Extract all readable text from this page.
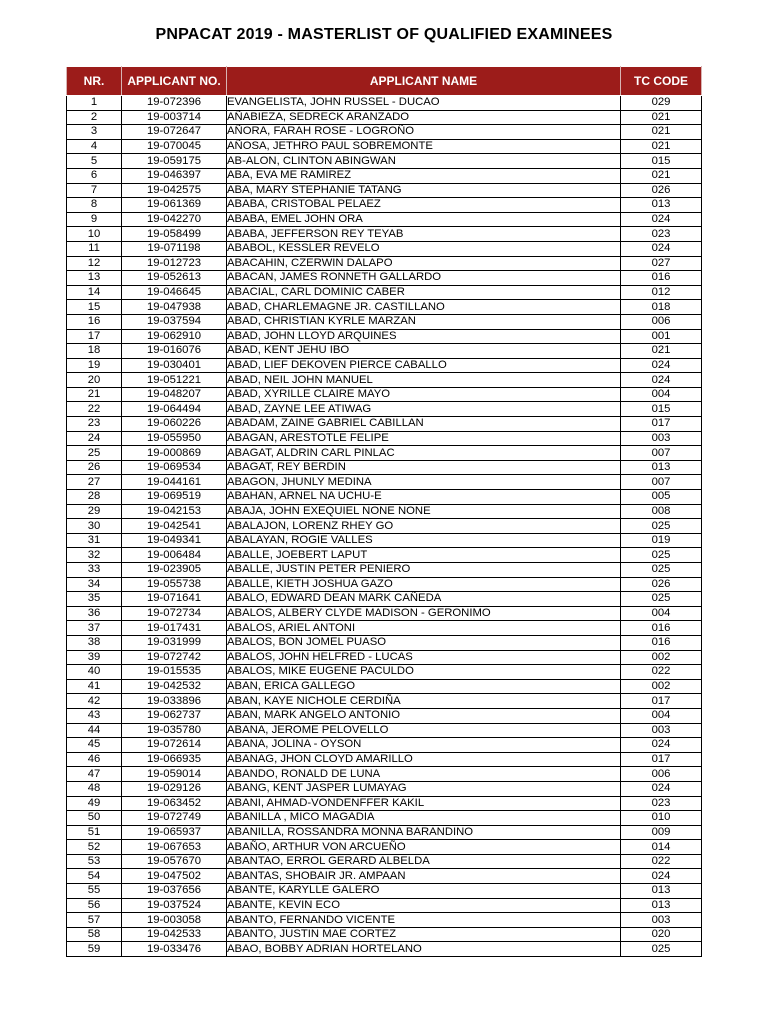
PNPACAT 2019 - MASTERLIST OF QUALIFIED EXAMINEES
NR.	APPLICANT NO.	APPLICANT NAME	TC CODE
1	19-072396	EVANGELISTA, JOHN RUSSEL - DUCAO	029
2	19-003714	AÑABIEZA, SEDRECK ARANZADO	021
3	19-072647	AÑORA, FARAH ROSE - LOGROÑO	021
4	19-070045	AÑOSA, JETHRO PAUL SOBREMONTE	021
5	19-059175	AB-ALON, CLINTON ABINGWAN	015
6	19-046397	ABA, EVA ME RAMIREZ	021
7	19-042575	ABA, MARY STEPHANIE TATANG	026
8	19-061369	ABABA, CRISTOBAL PELAEZ	013
9	19-042270	ABABA, EMEL JOHN ORA	024
10	19-058499	ABABA, JEFFERSON REY TEYAB	023
11	19-071198	ABABOL, KESSLER REVELO	024
12	19-012723	ABACAHIN, CZERWIN DALAPO	027
13	19-052613	ABACAN, JAMES RONNETH GALLARDO	016
14	19-046645	ABACIAL, CARL DOMINIC CABER	012
15	19-047938	ABAD, CHARLEMAGNE JR. CASTILLANO	018
16	19-037594	ABAD, CHRISTIAN KYRLE MARZAN	006
17	19-062910	ABAD, JOHN LLOYD ARQUINES	001
18	19-016076	ABAD, KENT JEHU IBO	021
19	19-030401	ABAD, LIEF DEKOVEN PIERCE CABALLO	024
20	19-051221	ABAD, NEIL JOHN MANUEL	024
21	19-048207	ABAD, XYRILLE CLAIRE MAYO	004
22	19-064494	ABAD, ZAYNE LEE ATIWAG	015
23	19-060226	ABADAM, ZAINE GABRIEL CABILLAN	017
24	19-055950	ABAGAN, ARESTOTLE FELIPE	003
25	19-000869	ABAGAT, ALDRIN CARL PINLAC	007
26	19-069534	ABAGAT, REY BERDIN	013
27	19-044161	ABAGON, JHUNLY MEDINA	007
28	19-069519	ABAHAN, ARNEL NA UCHU-E	005
29	19-042153	ABAJA, JOHN EXEQUIEL NONE NONE	008
30	19-042541	ABALAJON, LORENZ RHEY GO	025
31	19-049341	ABALAYAN, ROGIE VALLES	019
32	19-006484	ABALLE, JOEBERT LAPUT	025
33	19-023905	ABALLE, JUSTIN PETER PENIERO	025
34	19-055738	ABALLE, KIETH JOSHUA GAZO	026
35	19-071641	ABALO, EDWARD DEAN MARK CAÑEDA	025
36	19-072734	ABALOS, ALBERY CLYDE MADISON - GERONIMO	004
37	19-017431	ABALOS, ARIEL ANTONI	016
38	19-031999	ABALOS, BON JOMEL PUASO	016
39	19-072742	ABALOS, JOHN HELFRED - LUCAS	002
40	19-015535	ABALOS, MIKE EUGENE PACULDO	022
41	19-042532	ABAN, ERICA GALLEGO	002
42	19-033896	ABAN, KAYE NICHOLE CERDIÑA	017
43	19-062737	ABAN, MARK ANGELO ANTONIO	004
44	19-035780	ABANA, JEROME PELOVELLO	003
45	19-072614	ABANA, JOLINA - OYSON	024
46	19-066935	ABANAG, JHON CLOYD AMARILLO	017
47	19-059014	ABANDO, RONALD DE LUNA	006
48	19-029126	ABANG, KENT JASPER LUMAYAG	024
49	19-063452	ABANI, AHMAD-VONDENFFER KAKIL	023
50	19-072749	ABANILLA , MICO MAGADIA	010
51	19-065937	ABANILLA, ROSSANDRA MONNA BARANDINO	009
52	19-067653	ABAÑO, ARTHUR VON ARCUEÑO	014
53	19-057670	ABANTAO, ERROL GERARD ALBELDA	022
54	19-047502	ABANTAS, SHOBAIR JR. AMPAAN	024
55	19-037656	ABANTE, KARYLLE GALERO	013
56	19-037524	ABANTE, KEVIN ECO	013
57	19-003058	ABANTO, FERNANDO VICENTE	003
58	19-042533	ABANTO, JUSTIN MAE CORTEZ	020
59	19-033476	ABAO, BOBBY ADRIAN HORTELANO	025
